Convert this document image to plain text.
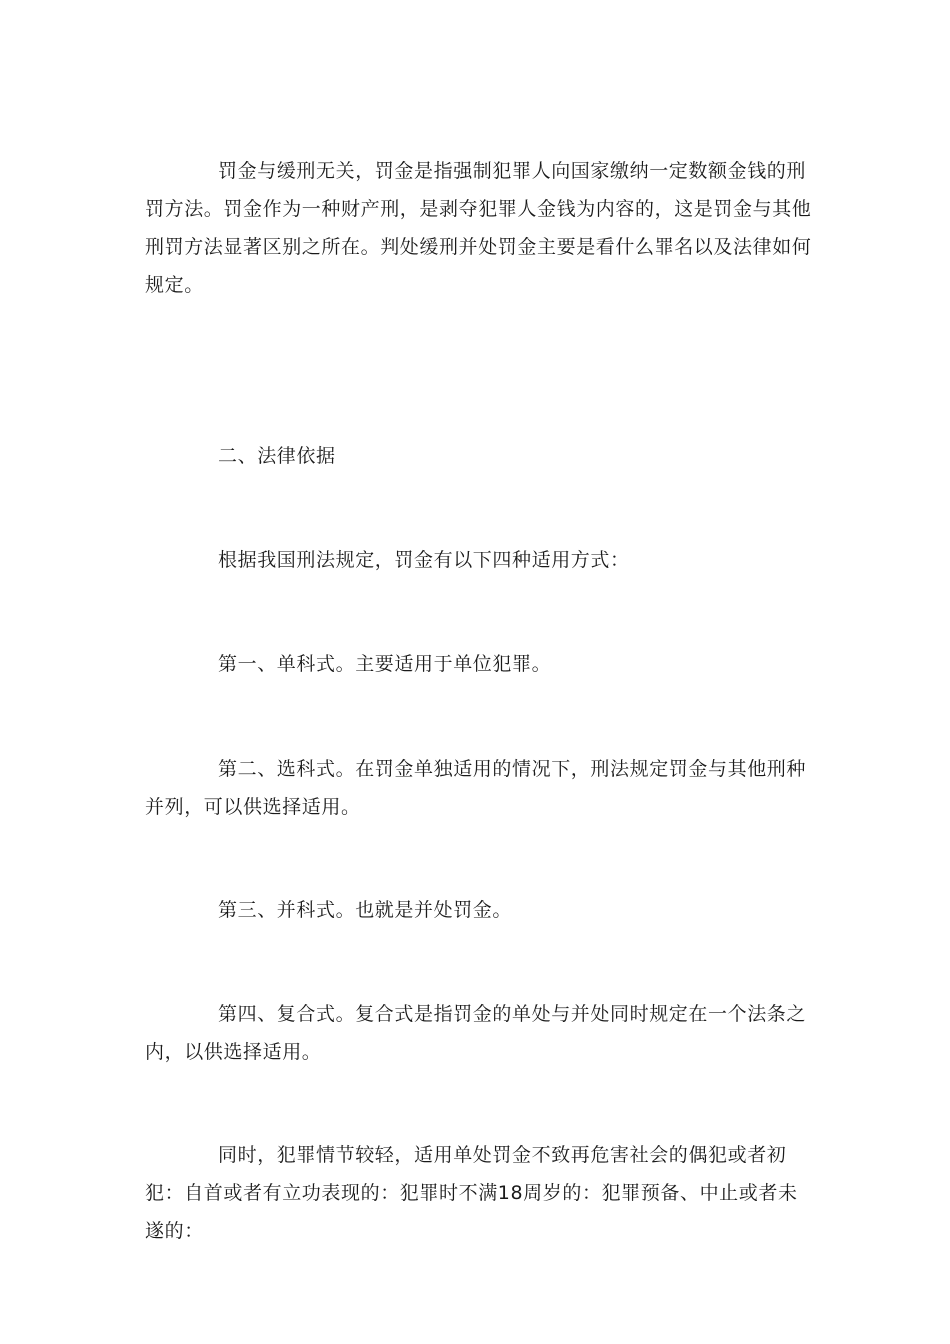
罚金与缓刑无关，罚金是指强制犯罪人向国家缴纳一定数额金钱的刑罚方法。罚金作为一种财产刑，是剥夺犯罪人金钱为内容的，这是罚金与其他刑罚方法显著区别之所在。判处缓刑并处罚金主要是看什么罪名以及法律如何规定。

二、法律依据

根据我国刑法规定，罚金有以下四种适用方式：

第一、单科式。主要适用于单位犯罪。

第二、选科式。在罚金单独适用的情况下，刑法规定罚金与其他刑种并列，可以供选择适用。

第三、并科式。也就是并处罚金。

第四、复合式。复合式是指罚金的单处与并处同时规定在一个法条之内，以供选择适用。

同时，犯罪情节较轻，适用单处罚金不致再危害社会的偶犯或者初犯：自首或者有立功表现的：犯罪时不满18周岁的：犯罪预备、中止或者未遂的：
